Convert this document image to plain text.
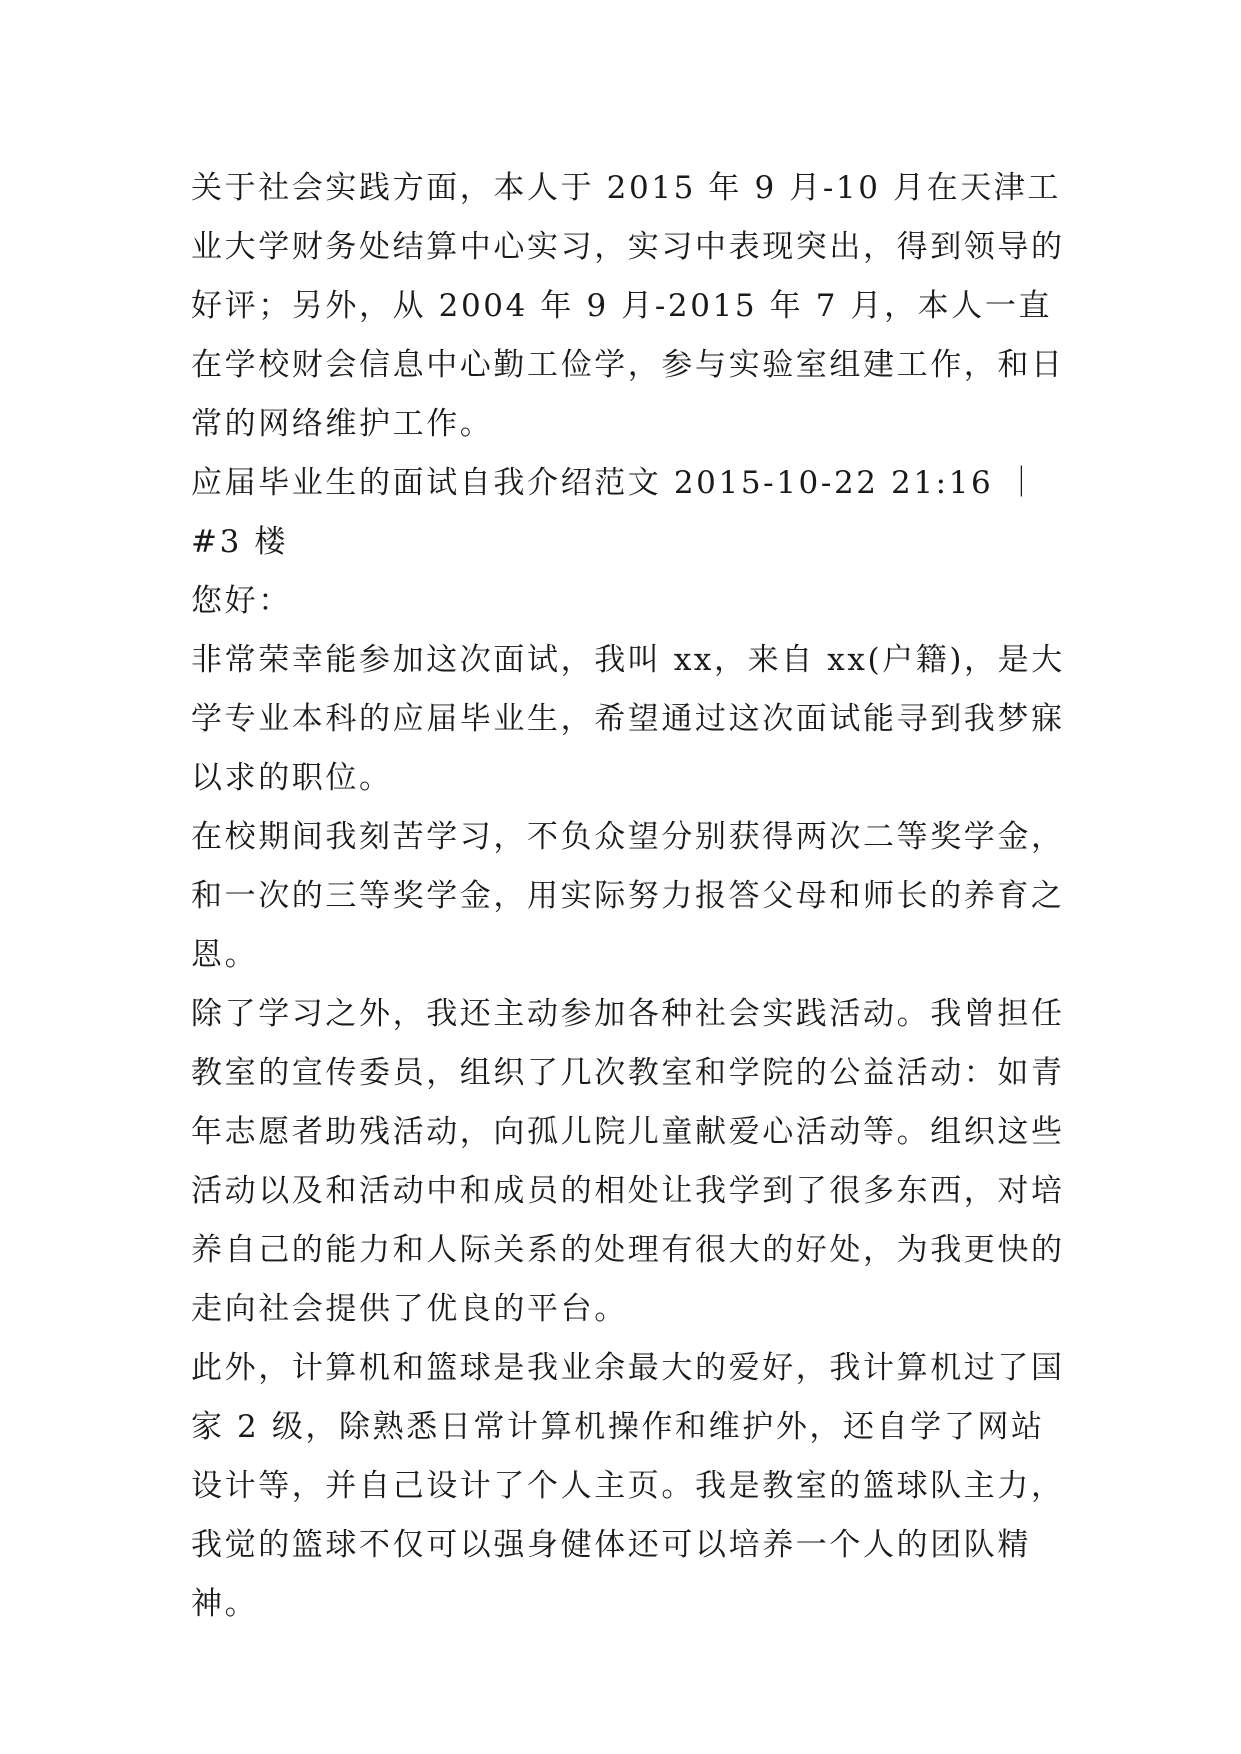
关于社会实践方面，本人于 2015 年 9 月-10 月在天津工业大学财务处结算中心实习，实习中表现突出，得到领导的好评；另外，从 2004 年 9 月-2015 年 7 月，本人一直在学校财会信息中心勤工俭学，参与实验室组建工作，和日常的网络维护工作。

应届毕业生的面试自我介绍范文 2015-10-22 21:16 ｜  #3 楼

您好：

非常荣幸能参加这次面试，我叫 xx，来自 xx(户籍)，是大学专业本科的应届毕业生，希望通过这次面试能寻到我梦寐以求的职位。

在校期间我刻苦学习，不负众望分别获得两次二等奖学金，和一次的三等奖学金，用实际努力报答父母和师长的养育之恩。

除了学习之外，我还主动参加各种社会实践活动。我曾担任教室的宣传委员，组织了几次教室和学院的公益活动：如青年志愿者助残活动，向孤儿院儿童献爱心活动等。组织这些活动以及和活动中和成员的相处让我学到了很多东西，对培养自己的能力和人际关系的处理有很大的好处，为我更快的走向社会提供了优良的平台。

此外，计算机和篮球是我业余最大的爱好，我计算机过了国家 2 级，除熟悉日常计算机操作和维护外，还自学了网站设计等，并自己设计了个人主页。我是教室的篮球队主力，我觉的篮球不仅可以强身健体还可以培养一个人的团队精神。
